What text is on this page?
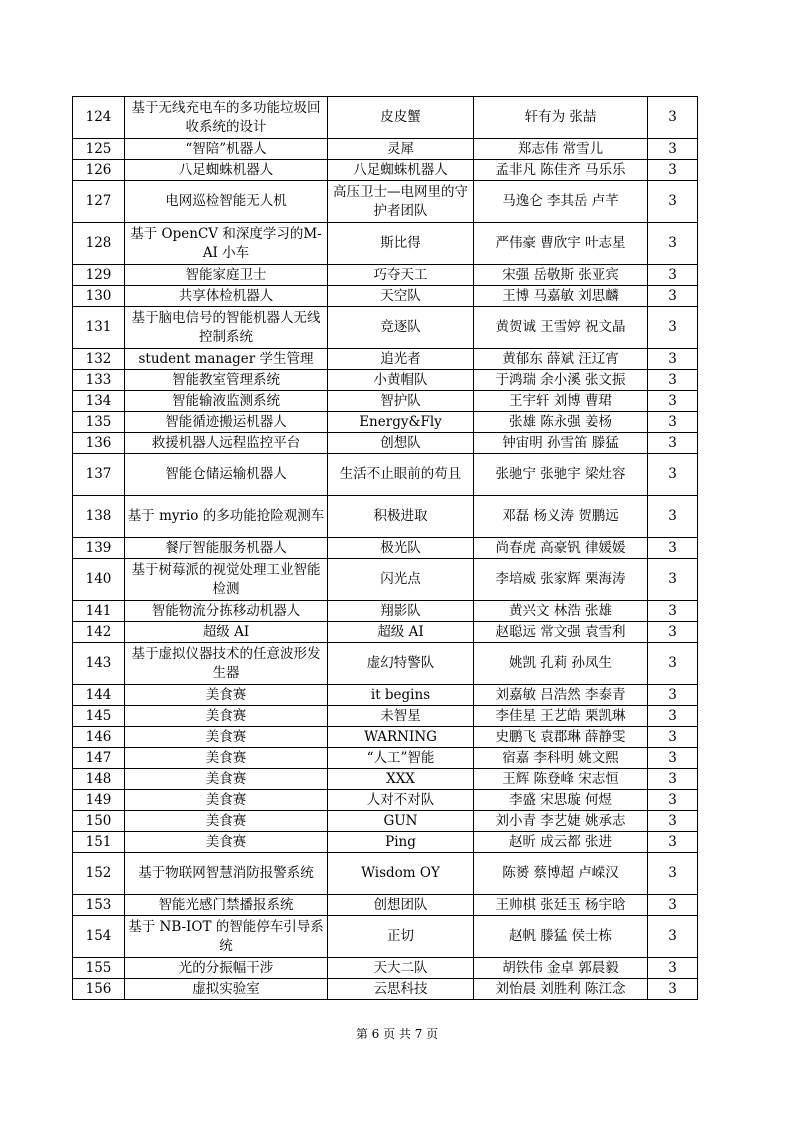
124	基于无线充电车的多功能垃圾回收系统的设计	皮皮蟹	轩有为 张喆	3
125	“智陪”机器人	灵犀	郑志伟 常雪儿	3
126	八足蜘蛛机器人	八足蜘蛛机器人	孟非凡 陈佳齐 马乐乐	3
127	电网巡检智能无人机	高压卫士—电网里的守护者团队	马逸仑 李其岳 卢芊	3
128	基于 OpenCV 和深度学习的M-AI 小车	斯比得	严伟豪 曹欣宇 叶志星	3
129	智能家庭卫士	巧夺天工	宋强 岳敬斯 张亚宾	3
130	共享体检机器人	天空队	王博 马嘉敏 刘思麟	3
131	基于脑电信号的智能机器人无线控制系统	竞逐队	黄贺诚 王雪婷 祝文晶	3
132	student manager 学生管理	追光者	黄郁东 薛斌 汪辽宵	3
133	智能教室管理系统	小黄帽队	于鸿瑞 余小溪 张文振	3
134	智能输液监测系统	智护队	王宇轩 刘博 曹珺	3
135	智能循迹搬运机器人	Energy&Fly	张雄 陈永强 姜杨	3
136	救援机器人远程监控平台	创想队	钟宙明 孙雪笛 滕猛	3
137	智能仓储运输机器人	生活不止眼前的苟且	张驰宁 张驰宇 梁灶容	3
138	基于 myrio 的多功能抢险观测车	积极进取	邓磊 杨义涛 贺鹏远	3
139	餐厅智能服务机器人	极光队	尚春虎 高豪钒 律媛媛	3
140	基于树莓派的视觉处理工业智能检测	闪光点	李培威 张家辉 栗海涛	3
141	智能物流分拣移动机器人	翔影队	黄兴文 林浩 张雄	3
142	超级 AI	超级 AI	赵聪远 常文强 袁雪利	3
143	基于虚拟仪器技术的任意波形发生器	虚幻特警队	姚凯 孔莉 孙凤生	3
144	美食赛	it begins	刘嘉敏 吕浩然 李泰青	3
145	美食赛	未智星	李佳星 王艺皓 栗凯琳	3
146	美食赛	WARNING	史鹏飞 袁郡琳 薛静雯	3
147	美食赛	“人工”智能	宿嘉 李科明 姚文熙	3
148	美食赛	XXX	王辉 陈登峰 宋志恒	3
149	美食赛	人对不对队	李盛 宋思璇 何煜	3
150	美食赛	GUN	刘小青 李艺婕 姚承志	3
151	美食赛	Ping	赵昕 成云都 张进	3
152	基于物联网智慧消防报警系统	Wisdom OY	陈赟 蔡博超 卢嵘汉	3
153	智能光感门禁播报系统	创想团队	王帅棋 张廷玉 杨宇晗	3
154	基于 NB-IOT 的智能停车引导系统	正切	赵帆 滕猛 侯士栋	3
155	光的分振幅干涉	天大二队	胡铁伟 金卓 郭晨毅	3
156	虚拟实验室	云思科技	刘怡晨 刘胜利 陈江念	3
第 6 页 共 7 页
